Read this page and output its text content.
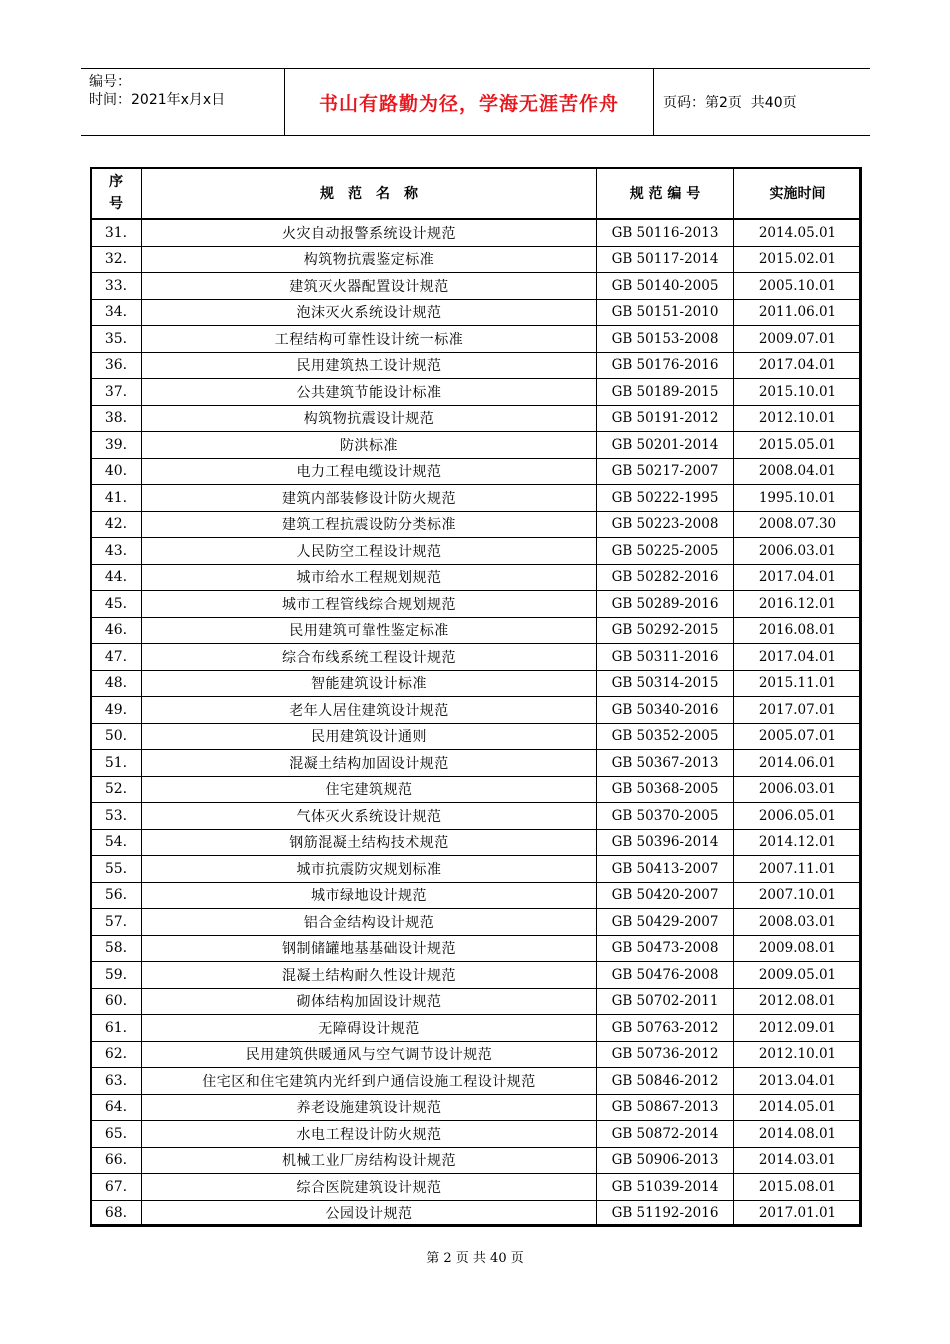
编号：
时间：2021年x月x日	书山有路勤为径，学海无涯苦作舟	页码：第2页  共40页
序
号	规　范　名　称	规 范 编 号	实施时间
31.	火灾自动报警系统设计规范	GB 50116-2013	2014.05.01
32.	构筑物抗震鉴定标准	GB 50117-2014	2015.02.01
33.	建筑灭火器配置设计规范	GB 50140-2005	2005.10.01
34.	泡沫灭火系统设计规范	GB 50151-2010	2011.06.01
35.	工程结构可靠性设计统一标准	GB 50153-2008	2009.07.01
36.	民用建筑热工设计规范	GB 50176-2016	2017.04.01
37.	公共建筑节能设计标准	GB 50189-2015	2015.10.01
38.	构筑物抗震设计规范	GB 50191-2012	2012.10.01
39.	防洪标准	GB 50201-2014	2015.05.01
40.	电力工程电缆设计规范	GB 50217-2007	2008.04.01
41.	建筑内部装修设计防火规范	GB 50222-1995	1995.10.01
42.	建筑工程抗震设防分类标准	GB 50223-2008	2008.07.30
43.	人民防空工程设计规范	GB 50225-2005	2006.03.01
44.	城市给水工程规划规范	GB 50282-2016	2017.04.01
45.	城市工程管线综合规划规范	GB 50289-2016	2016.12.01
46.	民用建筑可靠性鉴定标准	GB 50292-2015	2016.08.01
47.	综合布线系统工程设计规范	GB 50311-2016	2017.04.01
48.	智能建筑设计标准	GB 50314-2015	2015.11.01
49.	老年人居住建筑设计规范	GB 50340-2016	2017.07.01
50.	民用建筑设计通则	GB 50352-2005	2005.07.01
51.	混凝土结构加固设计规范	GB 50367-2013	2014.06.01
52.	住宅建筑规范	GB 50368-2005	2006.03.01
53.	气体灭火系统设计规范	GB 50370-2005	2006.05.01
54.	钢筋混凝土结构技术规范	GB 50396-2014	2014.12.01
55.	城市抗震防灾规划标准	GB 50413-2007	2007.11.01
56.	城市绿地设计规范	GB 50420-2007	2007.10.01
57.	铝合金结构设计规范	GB 50429-2007	2008.03.01
58.	钢制储罐地基基础设计规范	GB 50473-2008	2009.08.01
59.	混凝土结构耐久性设计规范	GB 50476-2008	2009.05.01
60.	砌体结构加固设计规范	GB 50702-2011	2012.08.01
61.	无障碍设计规范	GB 50763-2012	2012.09.01
62.	民用建筑供暖通风与空气调节设计规范	GB 50736-2012	2012.10.01
63.	住宅区和住宅建筑内光纤到户通信设施工程设计规范	GB 50846-2012	2013.04.01
64.	养老设施建筑设计规范	GB 50867-2013	2014.05.01
65.	水电工程设计防火规范	GB 50872-2014	2014.08.01
66.	机械工业厂房结构设计规范	GB 50906-2013	2014.03.01
67.	综合医院建筑设计规范	GB 51039-2014	2015.08.01
68.	公园设计规范	GB 51192-2016	2017.01.01
第 2 页 共 40 页
